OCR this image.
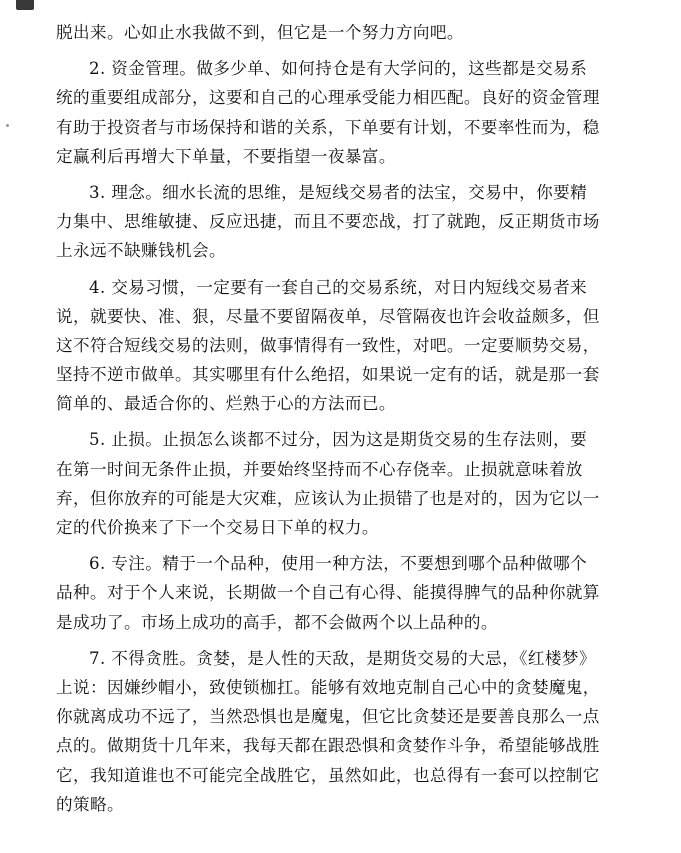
脱出来。心如止水我做不到，但它是一个努力方向吧。
2. 资金管理。做多少单、如何持仓是有大学问的，这些都是交易系
统的重要组成部分，这要和自己的心理承受能力相匹配。良好的资金管理
有助于投资者与市场保持和谐的关系，下单要有计划，不要率性而为，稳
定赢利后再增大下单量，不要指望一夜暴富。
3. 理念。细水长流的思维，是短线交易者的法宝，交易中，你要精
力集中、思维敏捷、反应迅捷，而且不要恋战，打了就跑，反正期货市场
上永远不缺赚钱机会。
4. 交易习惯，一定要有一套自己的交易系统，对日内短线交易者来
说，就要快、准、狠，尽量不要留隔夜单，尽管隔夜也许会收益颇多，但
这不符合短线交易的法则，做事情得有一致性，对吧。一定要顺势交易，
坚持不逆市做单。其实哪里有什么绝招，如果说一定有的话，就是那一套
简单的、最适合你的、烂熟于心的方法而已。
5. 止损。止损怎么谈都不过分，因为这是期货交易的生存法则，要
在第一时间无条件止损，并要始终坚持而不心存侥幸。止损就意味着放
弃，但你放弃的可能是大灾难，应该认为止损错了也是对的，因为它以一
定的代价换来了下一个交易日下单的权力。
6. 专注。精于一个品种，使用一种方法，不要想到哪个品种做哪个
品种。对于个人来说，长期做一个自己有心得、能摸得脾气的品种你就算
是成功了。市场上成功的高手，都不会做两个以上品种的。
7. 不得贪胜。贪婪，是人性的天敌，是期货交易的大忌，《红楼梦》
上说：因嫌纱帽小，致使锁枷扛。能够有效地克制自己心中的贪婪魔鬼，
你就离成功不远了，当然恐惧也是魔鬼，但它比贪婪还是要善良那么一点
点的。做期货十几年来，我每天都在跟恐惧和贪婪作斗争，希望能够战胜
它，我知道谁也不可能完全战胜它，虽然如此，也总得有一套可以控制它
的策略。
